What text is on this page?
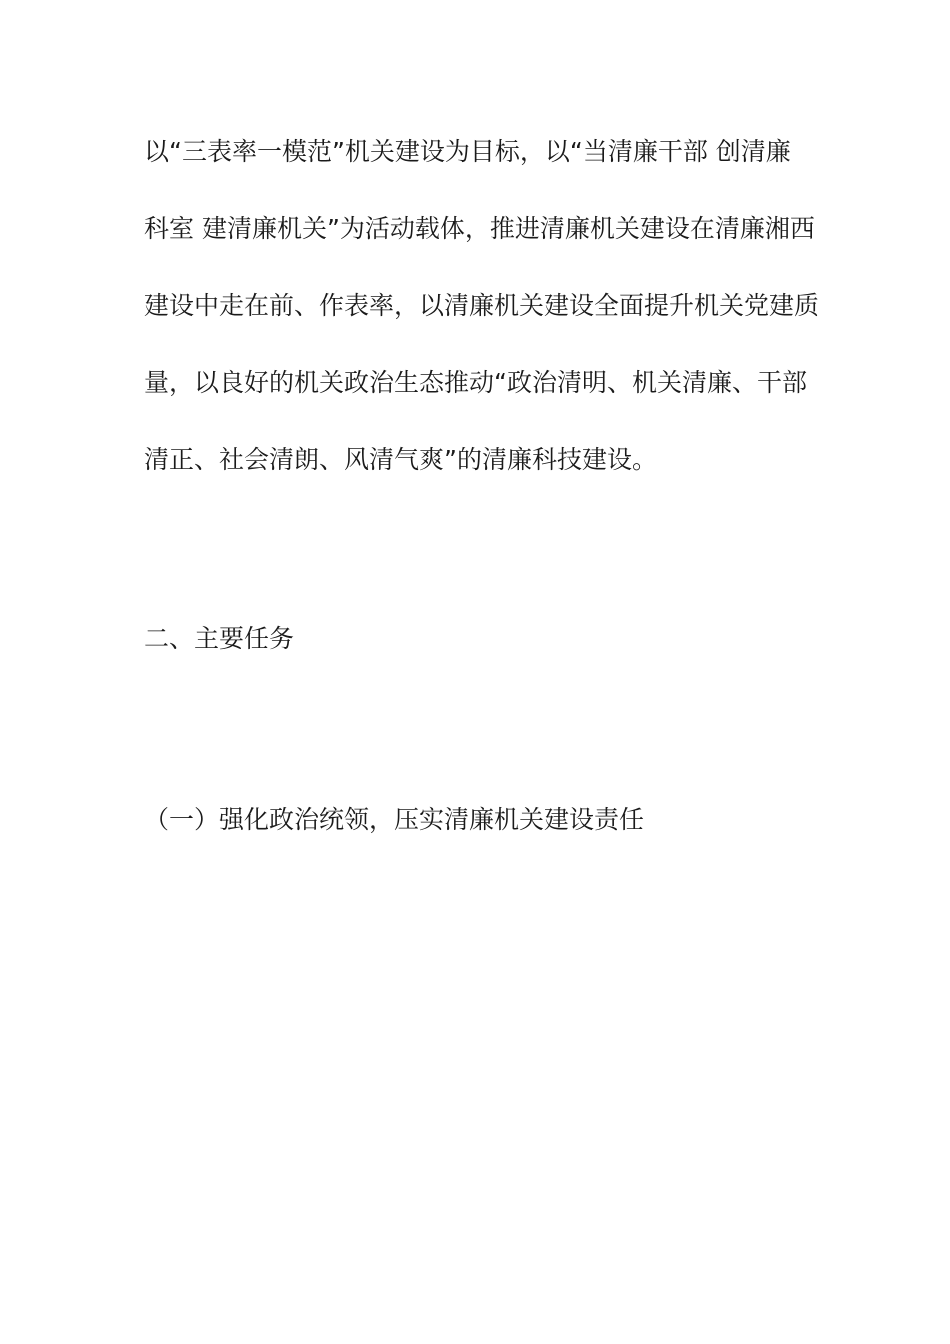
以“三表率一模范”机关建设为目标，以“当清廉干部 创清廉
科室 建清廉机关”为活动载体，推进清廉机关建设在清廉湘西
建设中走在前、作表率，以清廉机关建设全面提升机关党建质
量，以良好的机关政治生态推动“政治清明、机关清廉、干部
清正、社会清朗、风清气爽”的清廉科技建设。
二、主要任务
（一）强化政治统领，压实清廉机关建设责任
